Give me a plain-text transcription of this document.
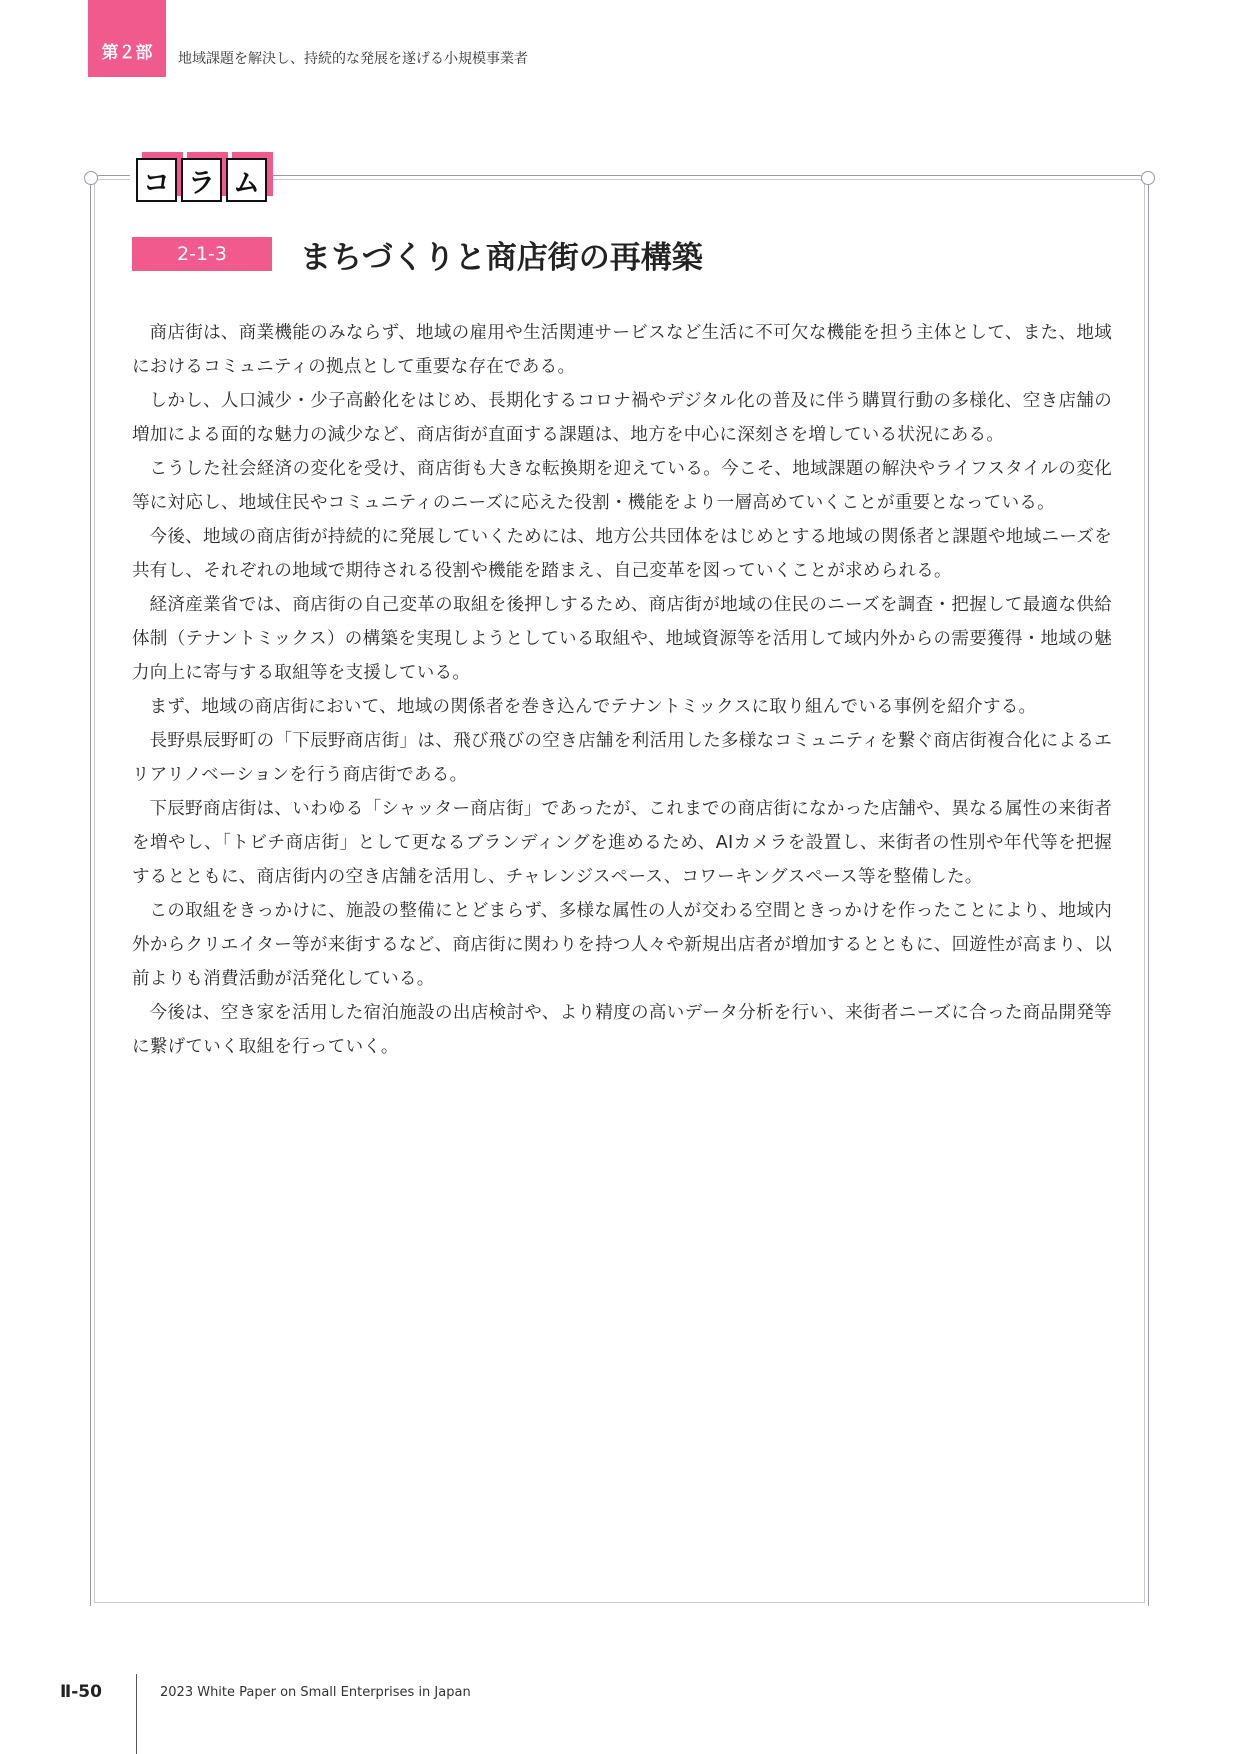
第２部 地域課題を解決し、持続的な発展を遂げる小規模事業者
コ ラ ム
2-1-3	まちづくりと商店街の再構築

商店街は、商業機能のみならず、地域の雇用や生活関連サービスなど生活に不可欠な機能を担う主体として、また、地域におけるコミュニティの拠点として重要な存在である。

しかし、人口減少・少子高齢化をはじめ、長期化するコロナ禍やデジタル化の普及に伴う購買行動の多様化、空き店舗の増加による面的な魅力の減少など、商店街が直面する課題は、地方を中心に深刻さを増している状況にある。

こうした社会経済の変化を受け、商店街も大きな転換期を迎えている。今こそ、地域課題の解決やライフスタイルの変化等に対応し、地域住民やコミュニティのニーズに応えた役割・機能をより一層高めていくことが重要となっている。

今後、地域の商店街が持続的に発展していくためには、地方公共団体をはじめとする地域の関係者と課題や地域ニーズを共有し、それぞれの地域で期待される役割や機能を踏まえ、自己変革を図っていくことが求められる。

経済産業省では、商店街の自己変革の取組を後押しするため、商店街が地域の住民のニーズを調査・把握して最適な供給体制（テナントミックス）の構築を実現しようとしている取組や、地域資源等を活用して域内外からの需要獲得・地域の魅力向上に寄与する取組等を支援している。

まず、地域の商店街において、地域の関係者を巻き込んでテナントミックスに取り組んでいる事例を紹介する。

長野県辰野町の「下辰野商店街」は、飛び飛びの空き店舗を利活用した多様なコミュニティを繋ぐ商店街複合化によるエリアリノベーションを行う商店街である。

下辰野商店街は、いわゆる「シャッター商店街」であったが、これまでの商店街になかった店舗や、異なる属性の来街者を増やし、「トビチ商店街」として更なるブランディングを進めるため、AIカメラを設置し、来街者の性別や年代等を把握するとともに、商店街内の空き店舗を活用し、チャレンジスペース、コワーキングスペース等を整備した。

この取組をきっかけに、施設の整備にとどまらず、多様な属性の人が交わる空間ときっかけを作ったことにより、地域内外からクリエイター等が来街するなど、商店街に関わりを持つ人々や新規出店者が増加するとともに、回遊性が高まり、以前よりも消費活動が活発化している。

今後は、空き家を活用した宿泊施設の出店検討や、より精度の高いデータ分析を行い、来街者ニーズに合った商品開発等に繋げていく取組を行っていく。

Ⅱ-50	2023 White Paper on Small Enterprises in Japan
